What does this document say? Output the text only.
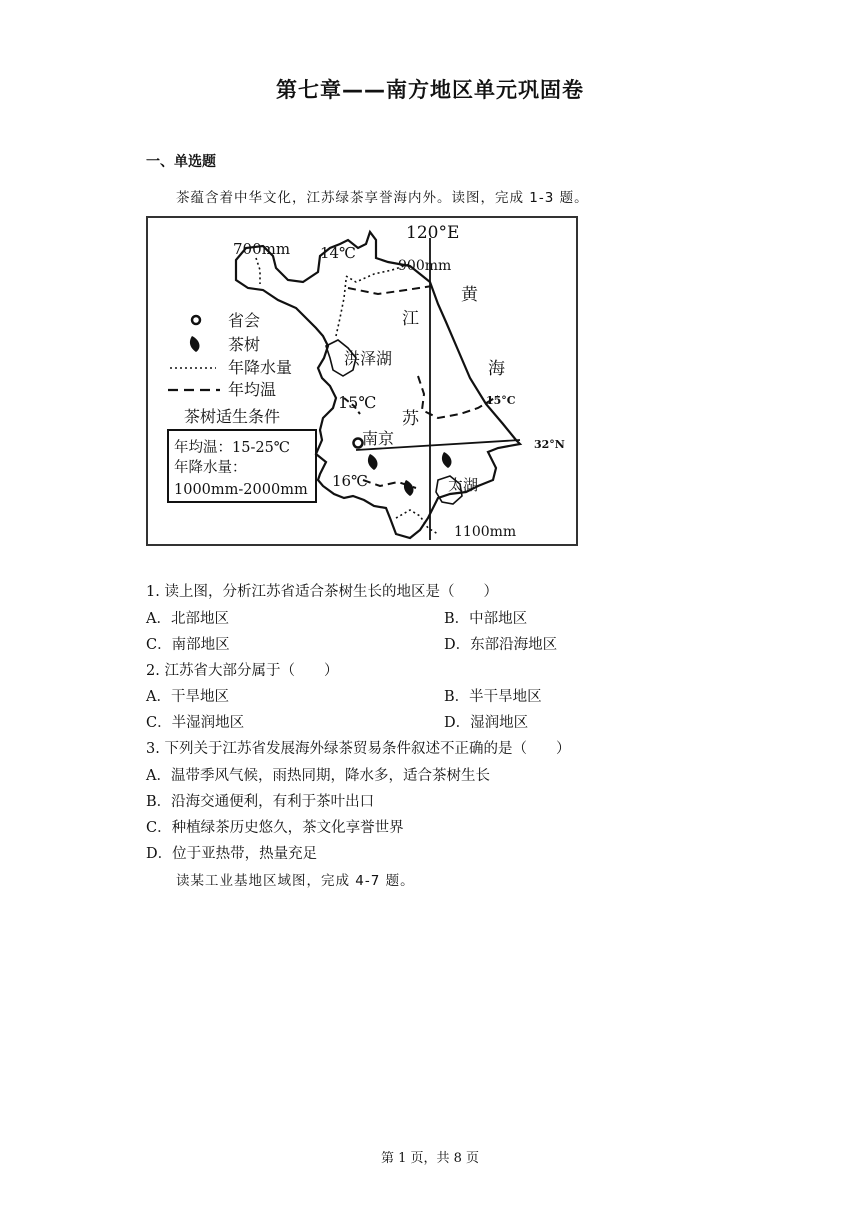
第七章——南方地区单元巩固卷
一、单选题
茶蕴含着中华文化，江苏绿茶享誉海内外。读图，完成 1-3 题。
700mm 14℃
120°E
900mm
黄
江
海
洪泽湖
15℃	15°C
苏
南京	32°N
16℃	太湖
1100mm
省会
茶树
年降水量
年均温
茶树适生条件
年均温：15-25℃
年降水量：
1000mm-2000mm
1. 读上图，分析江苏省适合茶树生长的地区是（　　）
A．北部地区	B．中部地区
C．南部地区	D．东部沿海地区
2. 江苏省大部分属于（　　）
A．干旱地区	B．半干旱地区
C．半湿润地区	D．湿润地区
3. 下列关于江苏省发展海外绿茶贸易条件叙述不正确的是（　　）
A．温带季风气候，雨热同期，降水多，适合茶树生长
B．沿海交通便利，有利于茶叶出口
C．种植绿茶历史悠久，茶文化享誉世界
D．位于亚热带，热量充足
读某工业基地区域图，完成 4-7 题。
第 1 页，共 8 页
